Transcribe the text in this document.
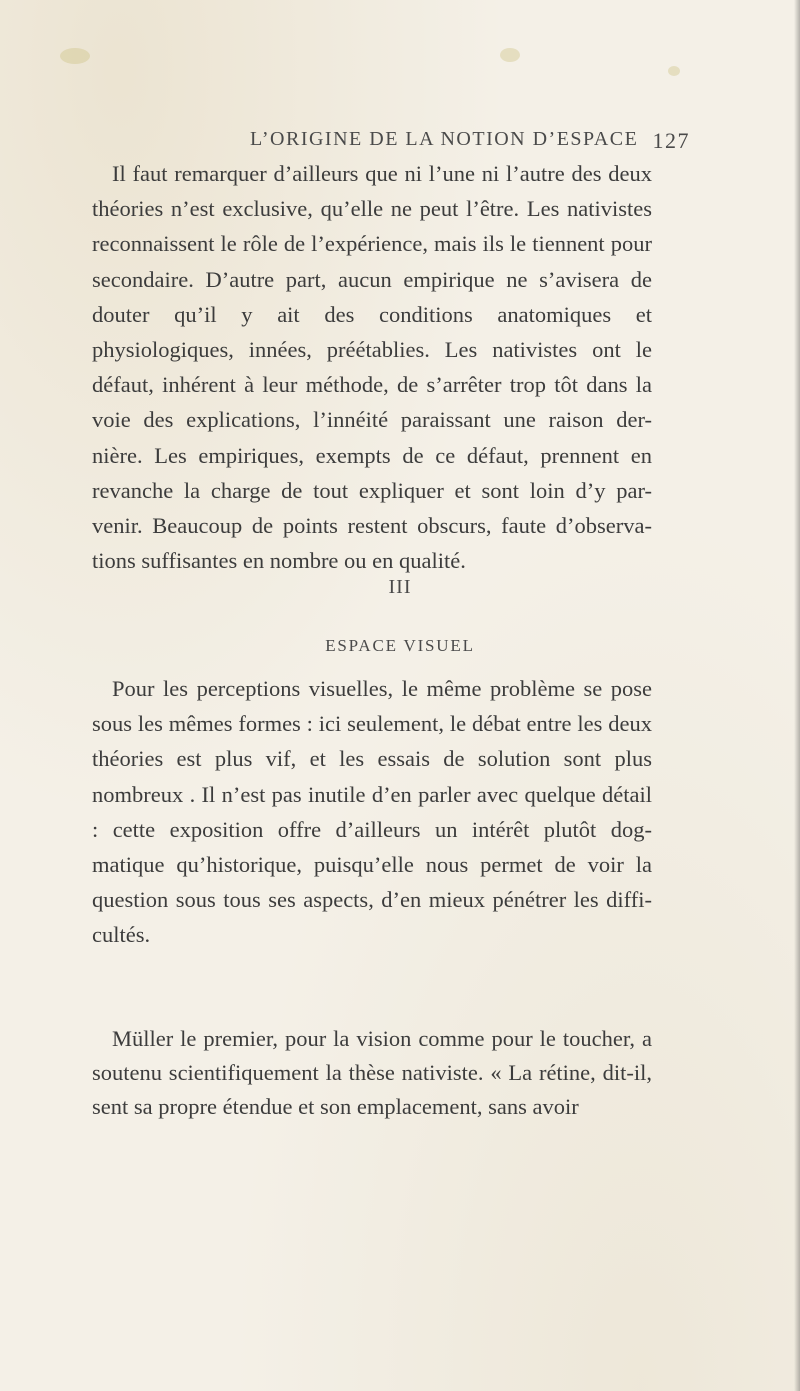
L’ORIGINE DE LA NOTION D’ESPACE 127

Il faut remarquer d’ailleurs que ni l’une ni l’autre des deux théories n’est exclusive, qu’elle ne peut l’être. Les nativistes reconnaissent le rôle de l’expérience, mais ils le tiennent pour secondaire. D’autre part, aucun empirique ne s’avisera de douter qu’il y ait des conditions anatomiques et physiologiques, innées, préétablies. Les nativistes ont le défaut, inhérent à leur méthode, de s’arrêter trop tôt dans la voie des explications, l’innéité paraissant une raison der- nière. Les empiriques, exempts de ce défaut, prennent en revanche la charge de tout expliquer et sont loin d’y par- venir. Beaucoup de points restent obscurs, faute d’observa- tions suffisantes en nombre ou en qualité.

III
ESPACE VISUEL

Pour les perceptions visuelles, le même problème se pose sous les mêmes formes : ici seulement, le débat entre les deux théories est plus vif, et les essais de solution sont plus nombreux . Il n’est pas inutile d’en parler avec quelque détail : cette exposition offre d’ailleurs un intérêt plutôt dog- matique qu’historique, puisqu’elle nous permet de voir la question sous tous ses aspects, d’en mieux pénétrer les diffi- cultés.

Müller le premier, pour la vision comme pour le toucher, a soutenu scientifiquement la thèse nativiste. « La rétine, dit-il, sent sa propre étendue et son emplacement, sans avoir
